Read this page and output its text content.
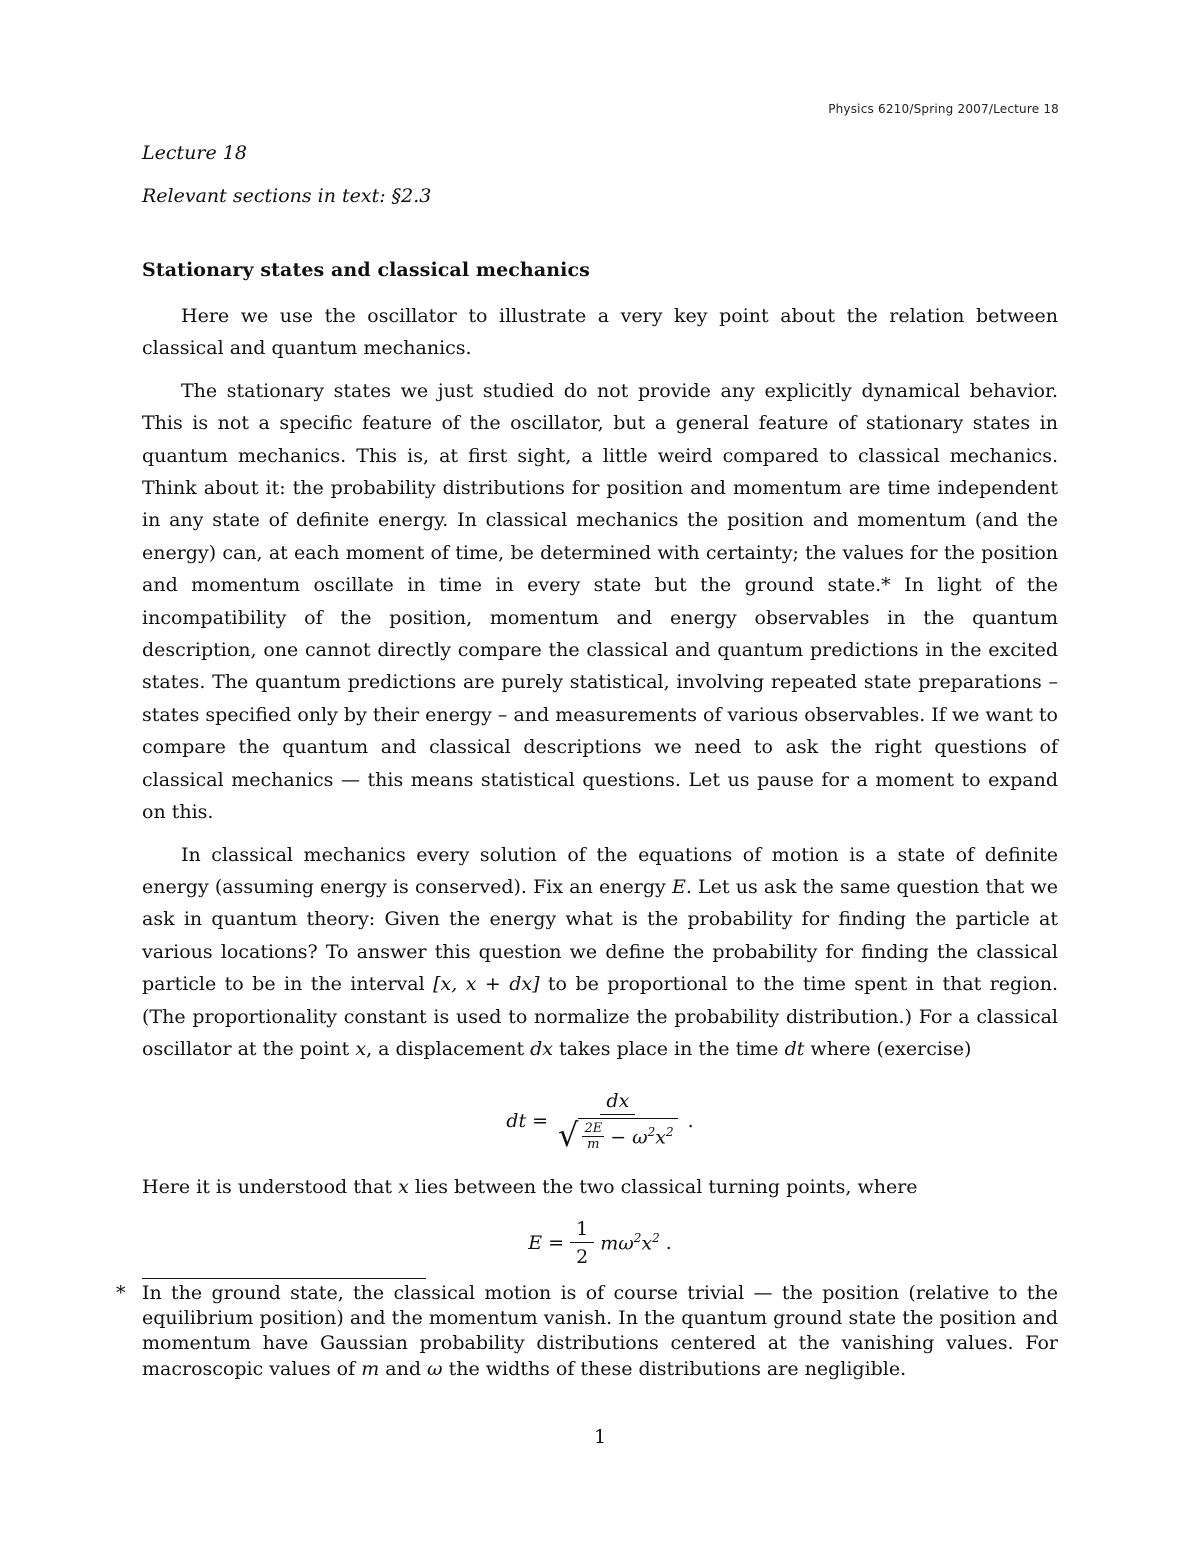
Physics 6210/Spring 2007/Lecture 18
Lecture 18
Relevant sections in text: §2.3
Stationary states and classical mechanics

Here we use the oscillator to illustrate a very key point about the relation between classical and quantum mechanics.

The stationary states we just studied do not provide any explicitly dynamical behavior. This is not a specific feature of the oscillator, but a general feature of stationary states in quantum mechanics. This is, at first sight, a little weird compared to classical mechanics. Think about it: the probability distributions for position and momentum are time independent in any state of definite energy. In classical mechanics the position and momentum (and the energy) can, at each moment of time, be determined with certainty; the values for the position and momentum oscillate in time in every state but the ground state.* In light of the incompatibility of the position, momentum and energy observables in the quantum description, one cannot directly compare the classical and quantum predictions in the excited states. The quantum predictions are purely statistical, involving repeated state preparations – states specified only by their energy – and measurements of various observables. If we want to compare the quantum and classical descriptions we need to ask the right questions of classical mechanics — this means statistical questions. Let us pause for a moment to expand on this.

In classical mechanics every solution of the equations of motion is a state of definite energy (assuming energy is conserved). Fix an energy E. Let us ask the same question that we ask in quantum theory: Given the energy what is the probability for finding the particle at various locations? To answer this question we define the probability for finding the classical particle to be in the interval [x, x + dx] to be proportional to the time spent in that region. (The proportionality constant is used to normalize the probability distribution.) For a classical oscillator at the point x, a displacement dx takes place in the time dt where (exercise)

dt =
dx
√ $\frac{2E}{m} - \omega^2x^2$ .
Here it is understood that x lies between the two classical turning points, where
$E = \frac{1}{2} m\omega^2x^2$ .
* In the ground state, the classical motion is of course trivial — the position (relative to the equilibrium position) and the momentum vanish. In the quantum ground state the position and momentum have Gaussian probability distributions centered at the vanishing values. For macroscopic values of m and ω the widths of these distributions are negligible.
1
